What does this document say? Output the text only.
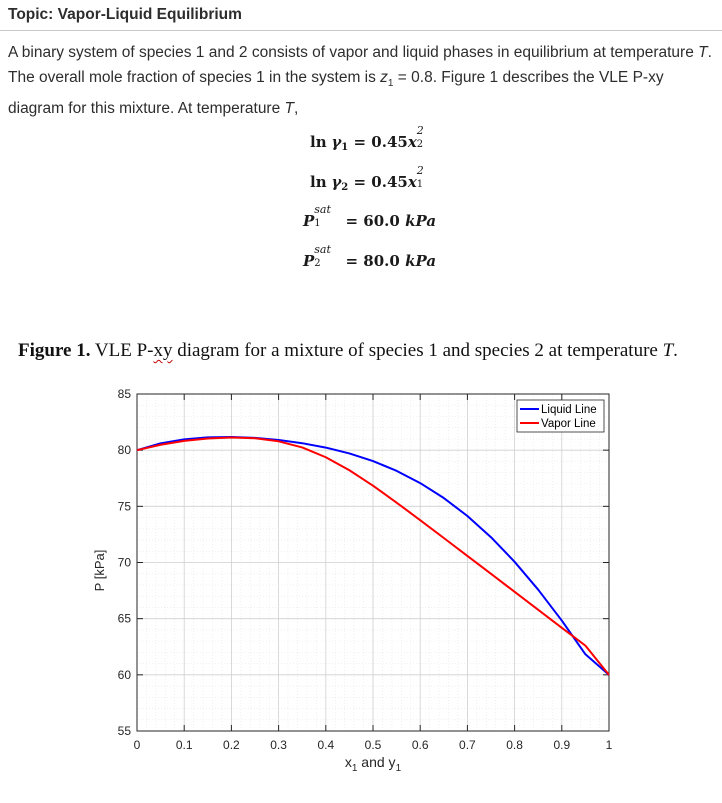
Topic: Vapor-Liquid Equilibrium
A binary system of species 1 and 2 consists of vapor and liquid phases in equilibrium at temperature T. The overall mole fraction of species 1 in the system is $z_1 = 0.8$. Figure 1 describes the VLE P-xy diagram for this mixture. At temperature T,
$\ln \gamma_1 = 0.45x$
2
2
$\ln \gamma_2 = 0.45x$
2
1
P
sat
1 = 60.0 kPa
P
sat
2 = 80.0 kPa
Figure 1. VLE P-xy diagram for a mixture of species 1 and species 2 at temperature T.
0	0.1	0.2	0.3	0.4	0.5	0.6	0.7	0.8	0.9	1
55
60
65
70
75
80
85
Liquid Line
Vapor Line
P [kPa]
$x_1$ and $y_1$
